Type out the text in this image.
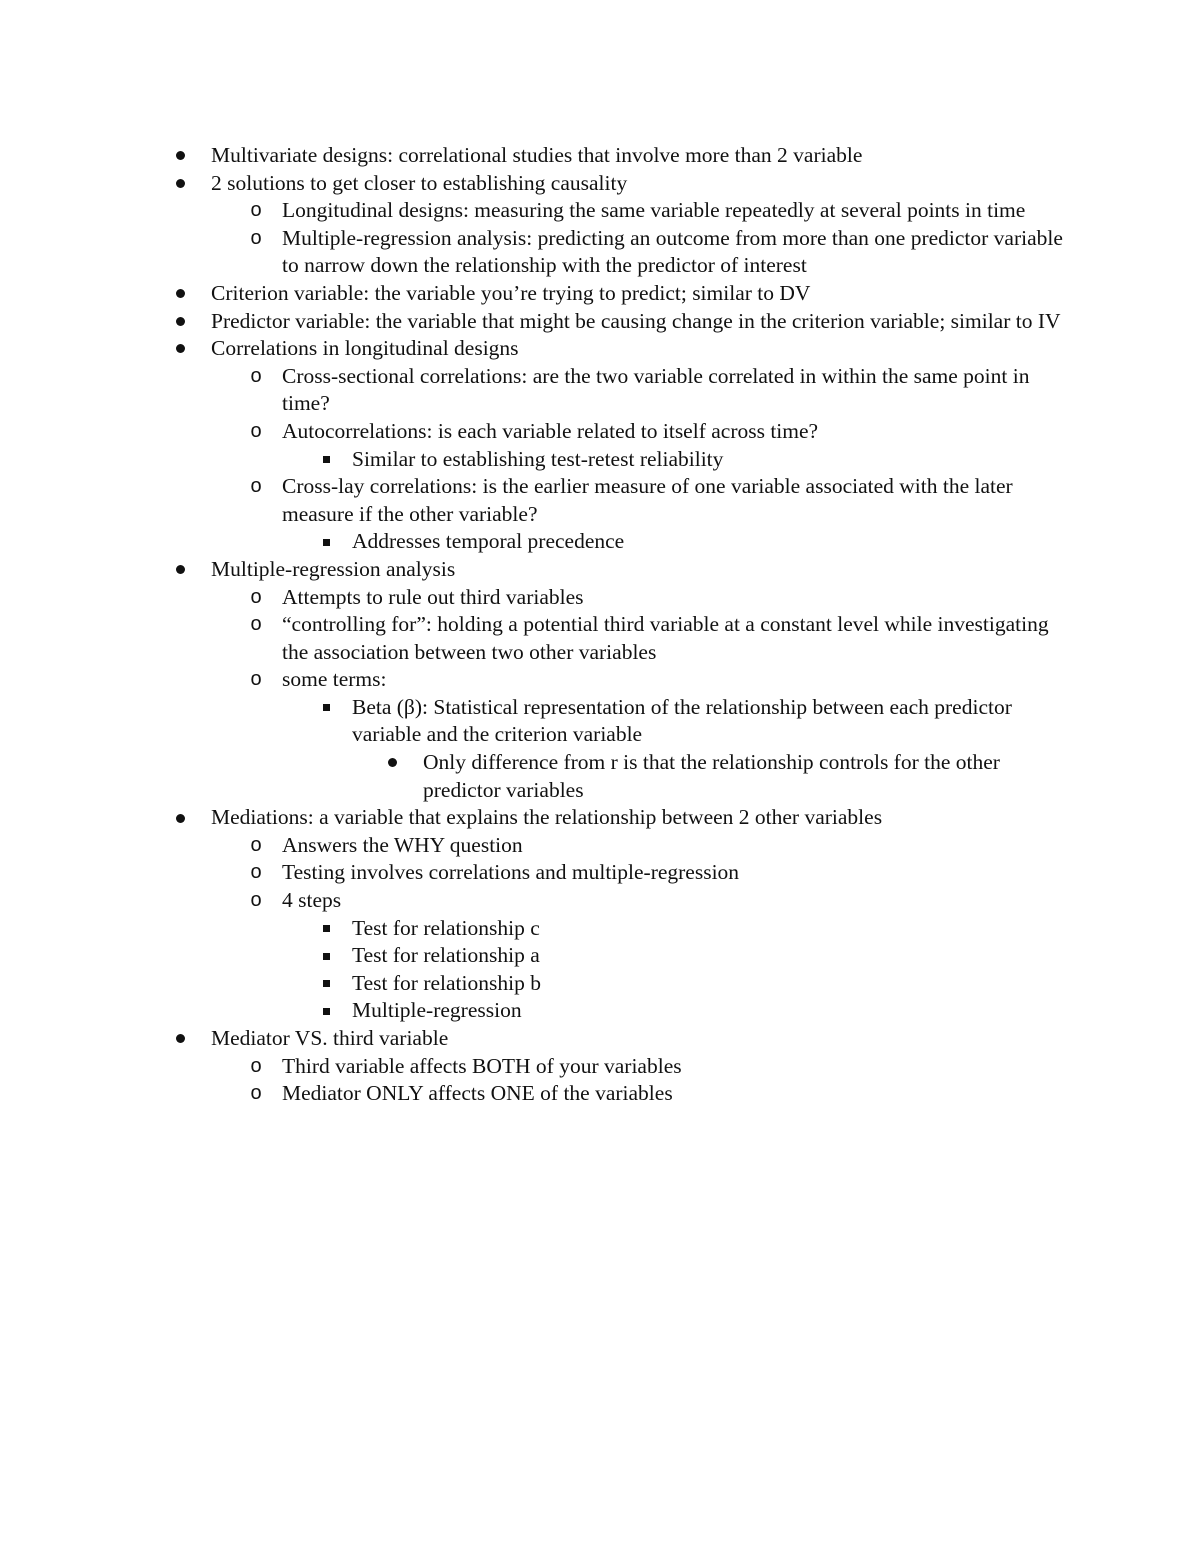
Multivariate designs: correlational studies that involve more than 2 variable
2 solutions to get closer to establishing causality
o Longitudinal designs: measuring the same variable repeatedly at several points in time
o Multiple-regression analysis: predicting an outcome from more than one predictor variable to narrow down the relationship with the predictor of interest
Criterion variable: the variable you’re trying to predict; similar to DV
Predictor variable: the variable that might be causing change in the criterion variable; similar to IV
Correlations in longitudinal designs
o Cross-sectional correlations: are the two variable correlated in within the same point in time?
o Autocorrelations: is each variable related to itself across time?
Similar to establishing test-retest reliability
o Cross-lay correlations: is the earlier measure of one variable associated with the later measure if the other variable?
Addresses temporal precedence
Multiple-regression analysis
o Attempts to rule out third variables
o “controlling for”: holding a potential third variable at a constant level while investigating the association between two other variables
o some terms:
Beta (β): Statistical representation of the relationship between each predictor variable and the criterion variable
Only difference from r is that the relationship controls for the other predictor variables
Mediations: a variable that explains the relationship between 2 other variables
o Answers the WHY question
o Testing involves correlations and multiple-regression
o 4 steps
Test for relationship c
Test for relationship a
Test for relationship b
Multiple-regression
Mediator VS. third variable
o Third variable affects BOTH of your variables
o Mediator ONLY affects ONE of the variables
